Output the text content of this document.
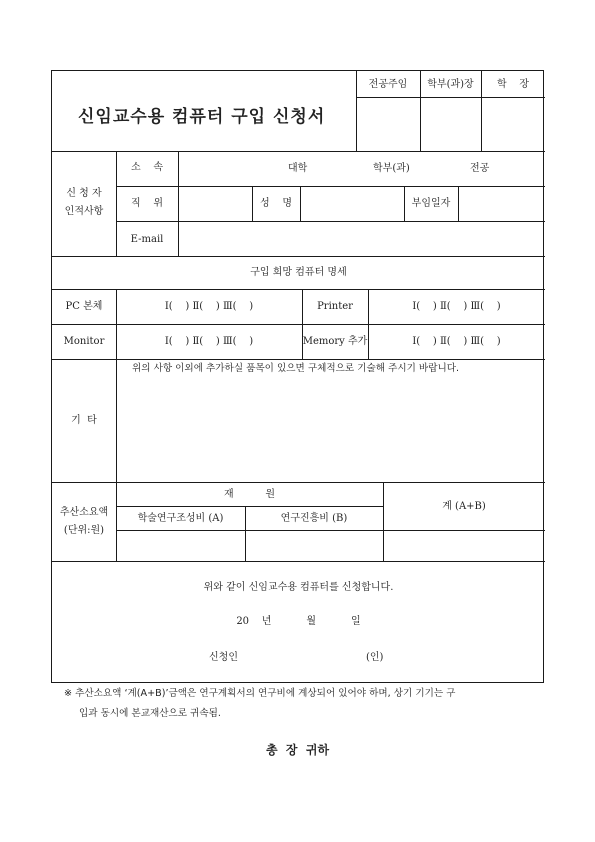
신임교수용 컴퓨터 구입 신청서
전공주임	학부(과)장	학    장
신 청 자
인적사항
소    속	대학	학부(과)	전공
직    위	성    명	부임일자
E-mail
구입 희망 컴퓨터 명세
PC 본체	Ⅰ(    ) Ⅱ(    ) Ⅲ(    )	Printer	Ⅰ(    ) Ⅱ(    ) Ⅲ(    )
Monitor	Ⅰ(    ) Ⅱ(    ) Ⅲ(    )	Memory 추가	Ⅰ(    ) Ⅱ(    ) Ⅲ(    )
기  타
위의 사항 이외에 추가하실 품목이 있으면 구체적으로 기술해 주시기 바랍니다.
추산소요액
(단위:원)
재          원
학술연구조성비 (A)	연구진흥비 (B)
계 (A+B)
위와 같이 신임교수용 컴퓨터를 신청합니다.
20    년           월           일
신청인	(인)
※ 추산소요액 ‘계(A+B)’금액은 연구계획서의 연구비에 계상되어 있어야 하며, 상기 기기는 구
입과 동시에 본교재산으로 귀속됨.
총  장  귀하
